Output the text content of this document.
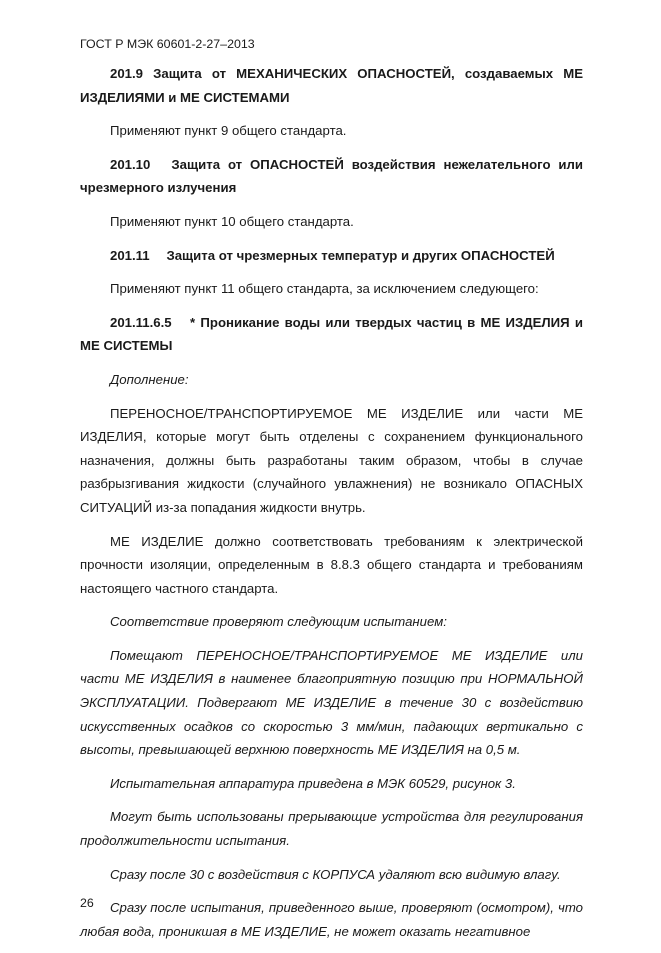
ГОСТ Р МЭК 60601-2-27–2013

201.9 Защита от МЕХАНИЧЕСКИХ ОПАСНОСТЕЙ, создаваемых МЕ ИЗДЕЛИЯМИ и МЕ СИСТЕМАМИ

Применяют пункт 9 общего стандарта.

201.10  Защита от ОПАСНОСТЕЙ воздействия нежелательного или чрезмерного излучения

Применяют пункт 10 общего стандарта.

201.11  Защита от чрезмерных температур и других ОПАСНОСТЕЙ

Применяют пункт 11 общего стандарта, за исключением следующего:

201.11.6.5  * Проникание воды или твердых частиц в МЕ ИЗДЕЛИЯ и МЕ СИСТЕМЫ

Дополнение:

ПЕРЕНОСНОЕ/ТРАНСПОРТИРУЕМОЕ МЕ ИЗДЕЛИЕ или части МЕ ИЗДЕЛИЯ, которые могут быть отделены с сохранением функционального назначения, должны быть разработаны таким образом, чтобы в случае разбрызгивания жидкости (случайного увлажнения) не возникало ОПАСНЫХ СИТУАЦИЙ из-за попадания жидкости внутрь.

МЕ ИЗДЕЛИЕ должно соответствовать требованиям к электрической прочности изоляции, определенным в 8.8.3 общего стандарта и требованиям настоящего частного стандарта.

Соответствие проверяют следующим испытанием:

Помещают ПЕРЕНОСНОЕ/ТРАНСПОРТИРУЕМОЕ МЕ ИЗДЕЛИЕ или части МЕ ИЗДЕЛИЯ в наименее благоприятную позицию при НОРМАЛЬНОЙ ЭКСПЛУАТАЦИИ. Подвергают МЕ ИЗДЕЛИЕ в течение 30 с воздействию искусственных осадков со скоростью 3 мм/мин, падающих вертикально с высоты, превышающей верхнюю поверхность МЕ ИЗДЕЛИЯ на 0,5 м.

Испытательная аппаратура приведена в МЭК 60529, рисунок 3.

Могут быть использованы прерывающие устройства для регулирования продолжительности испытания.

Сразу после 30 с воздействия с КОРПУСА удаляют всю видимую влагу.

Сразу после испытания, приведенного выше, проверяют (осмотром), что любая вода, проникшая в МЕ ИЗДЕЛИЕ, не может оказать негативное

26
